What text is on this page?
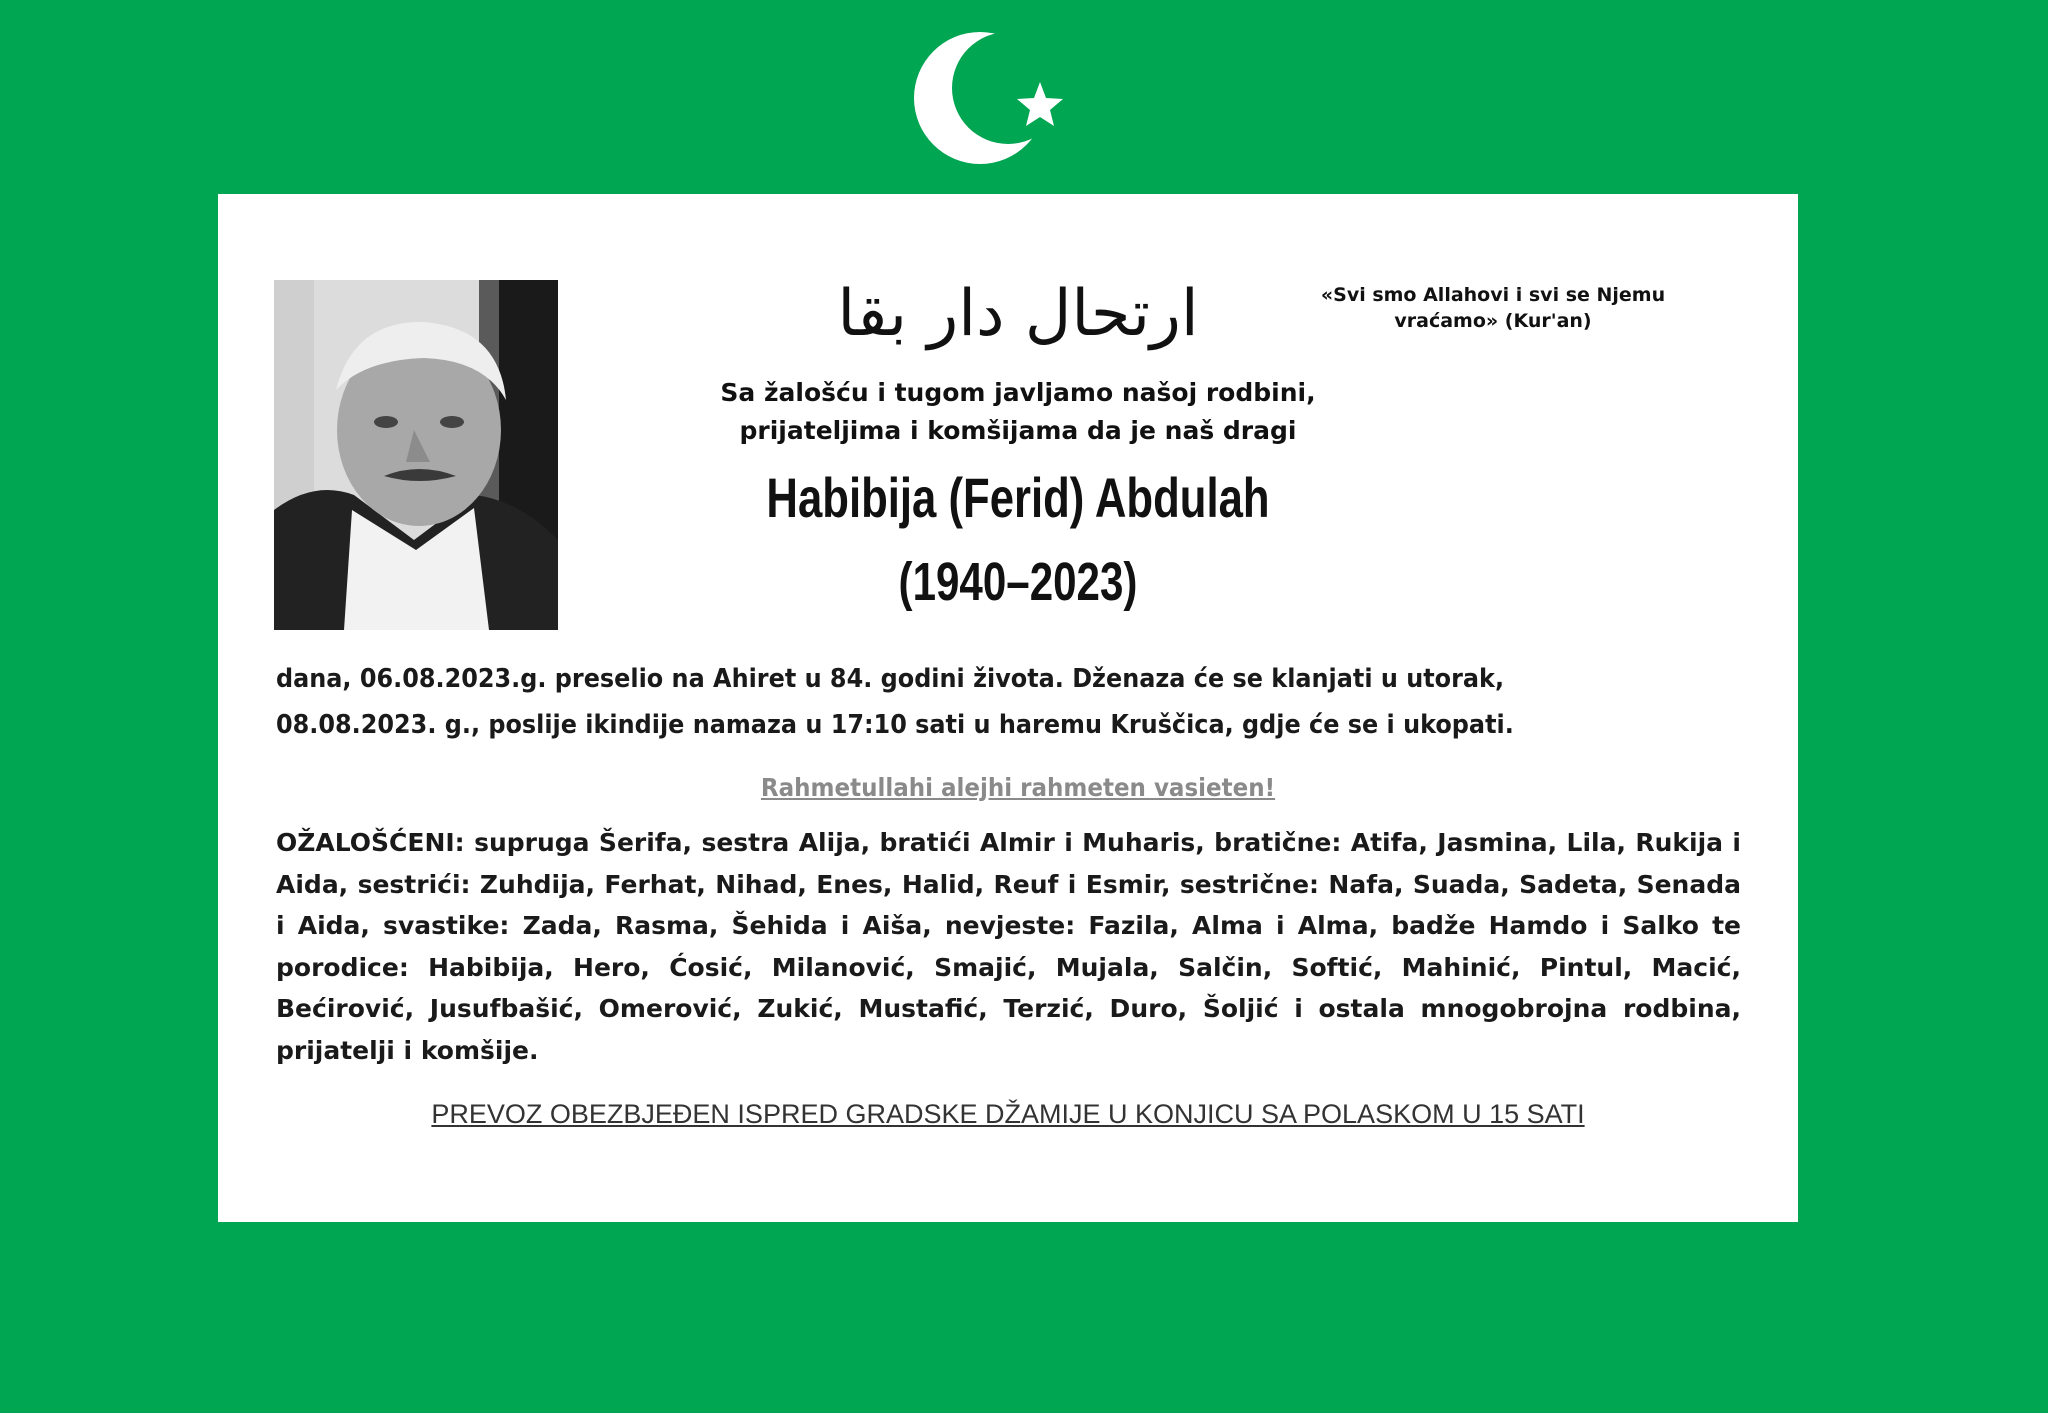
ارتحال دار بقا	«Svi smo Allahovi i svi se Njemu vraćamo» (Kur'an)
Sa žalošću i tugom javljamo našoj rodbini, prijateljima i komšijama da je naš dragi
Habibija (Ferid) Abdulah
(1940–2023)
dana, 06.08.2023.g. preselio na Ahiret u 84. godini života. Dženaza će se klanjati u utorak, 08.08.2023. g., poslije ikindije namaza u 17:10 sati u haremu Kruščica, gdje će se i ukopati.
Rahmetullahi alejhi rahmeten vasieten!
OŽALOŠĆENI: supruga Šerifa, sestra Alija, bratići Almir i Muharis, bratične: Atifa, Jasmina, Lila, Rukija i Aida, sestrići: Zuhdija, Ferhat, Nihad, Enes, Halid, Reuf i Esmir, sestrične: Nafa, Suada, Sadeta, Senada i Aida, svastike: Zada, Rasma, Šehida i Aiša, nevjeste: Fazila, Alma i Alma, badže Hamdo i Salko te porodice: Habibija, Hero, Ćosić, Milanović, Smajić, Mujala, Salčin, Softić, Mahinić, Pintul, Macić, Bećirović, Jusufbašić, Omerović, Zukić, Mustafić, Terzić, Duro, Šoljić i ostala mnogobrojna rodbina, prijatelji i komšije.
PREVOZ OBEZBJEĐEN ISPRED GRADSKE DŽAMIJE U KONJICU SA POLASKOM U 15 SATI
